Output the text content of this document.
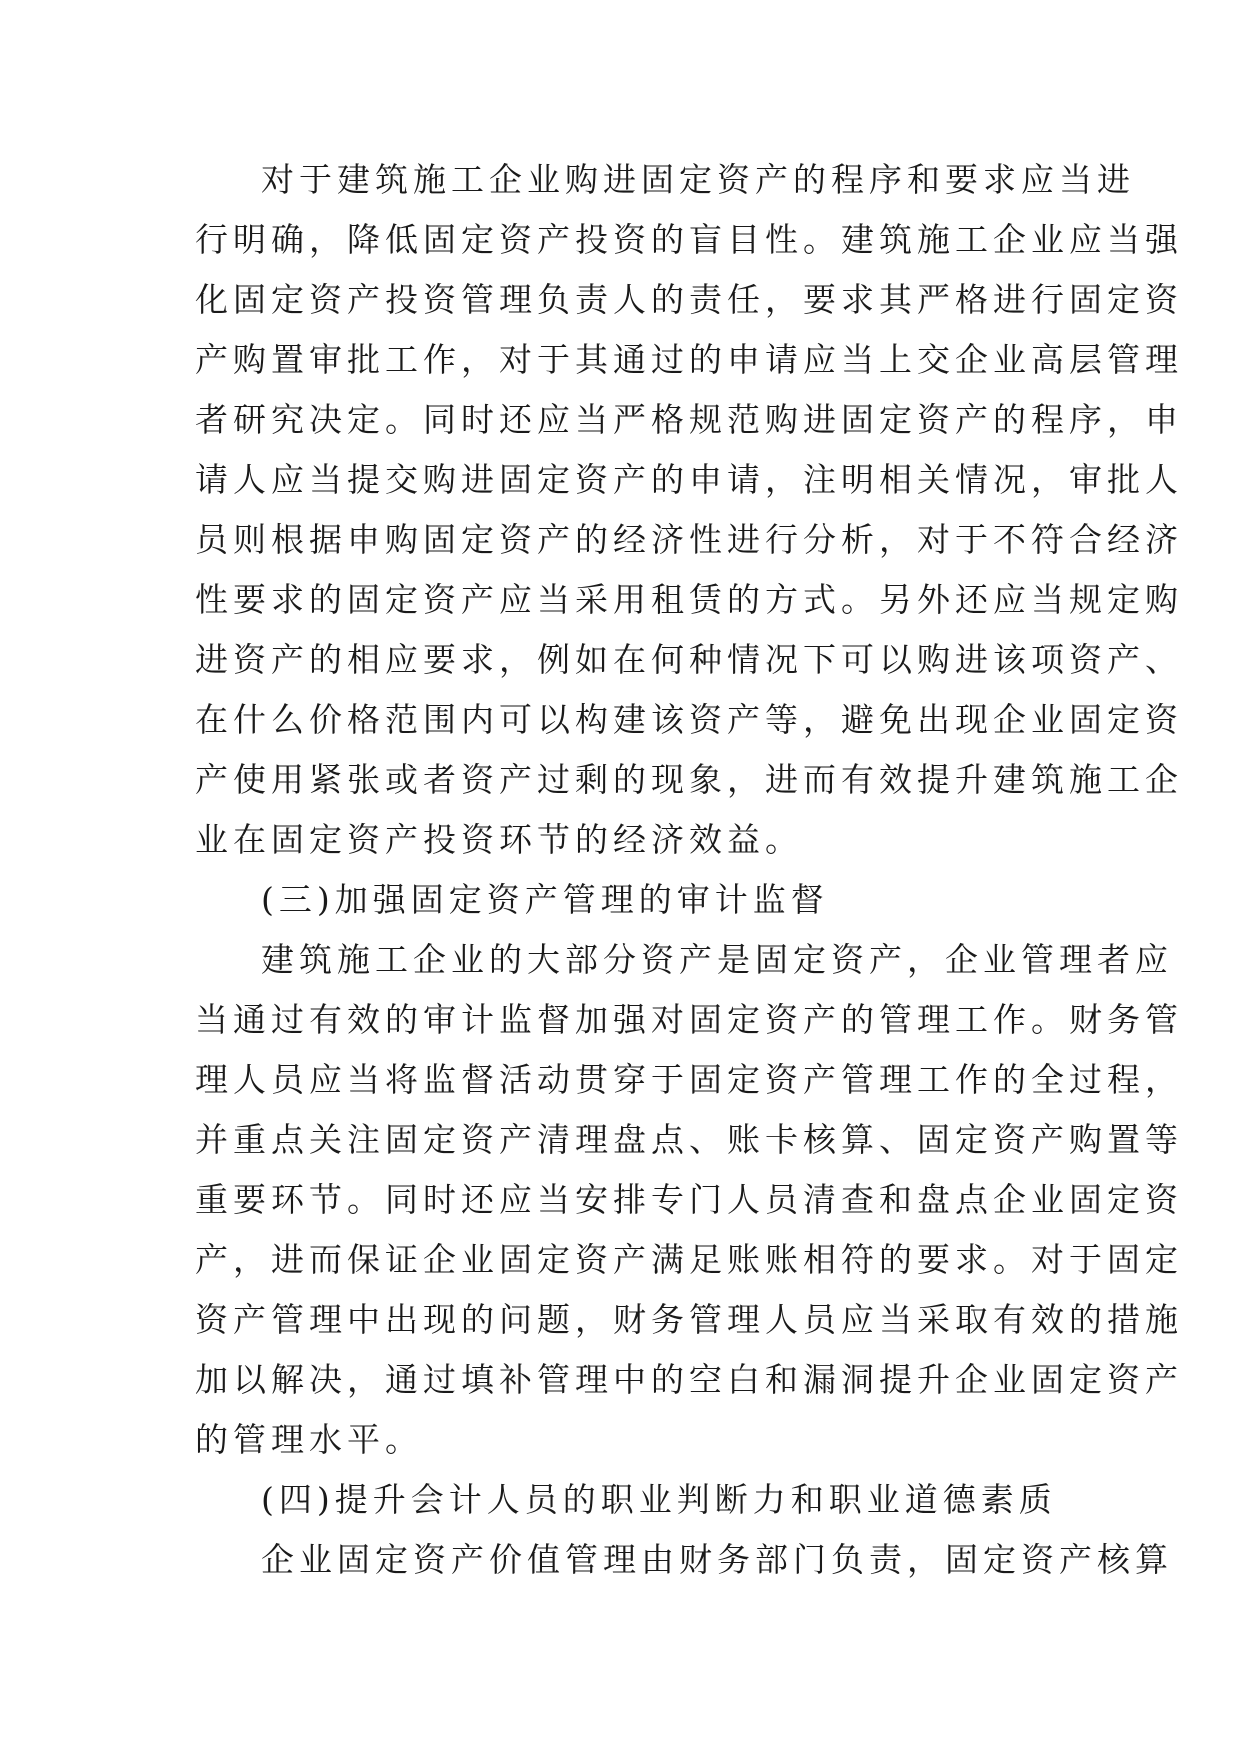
对于建筑施工企业购进固定资产的程序和要求应当进
行明确，降低固定资产投资的盲目性。建筑施工企业应当强
化固定资产投资管理负责人的责任，要求其严格进行固定资
产购置审批工作，对于其通过的申请应当上交企业高层管理
者研究决定。同时还应当严格规范购进固定资产的程序，申
请人应当提交购进固定资产的申请，注明相关情况，审批人
员则根据申购固定资产的经济性进行分析，对于不符合经济
性要求的固定资产应当采用租赁的方式。另外还应当规定购
进资产的相应要求，例如在何种情况下可以购进该项资产、
在什么价格范围内可以构建该资产等，避免出现企业固定资
产使用紧张或者资产过剩的现象，进而有效提升建筑施工企
业在固定资产投资环节的经济效益。
(三)加强固定资产管理的审计监督
建筑施工企业的大部分资产是固定资产，企业管理者应
当通过有效的审计监督加强对固定资产的管理工作。财务管
理人员应当将监督活动贯穿于固定资产管理工作的全过程，
并重点关注固定资产清理盘点、账卡核算、固定资产购置等
重要环节。同时还应当安排专门人员清查和盘点企业固定资
产，进而保证企业固定资产满足账账相符的要求。对于固定
资产管理中出现的问题，财务管理人员应当采取有效的措施
加以解决，通过填补管理中的空白和漏洞提升企业固定资产
的管理水平。
(四)提升会计人员的职业判断力和职业道德素质
企业固定资产价值管理由财务部门负责，固定资产核算
